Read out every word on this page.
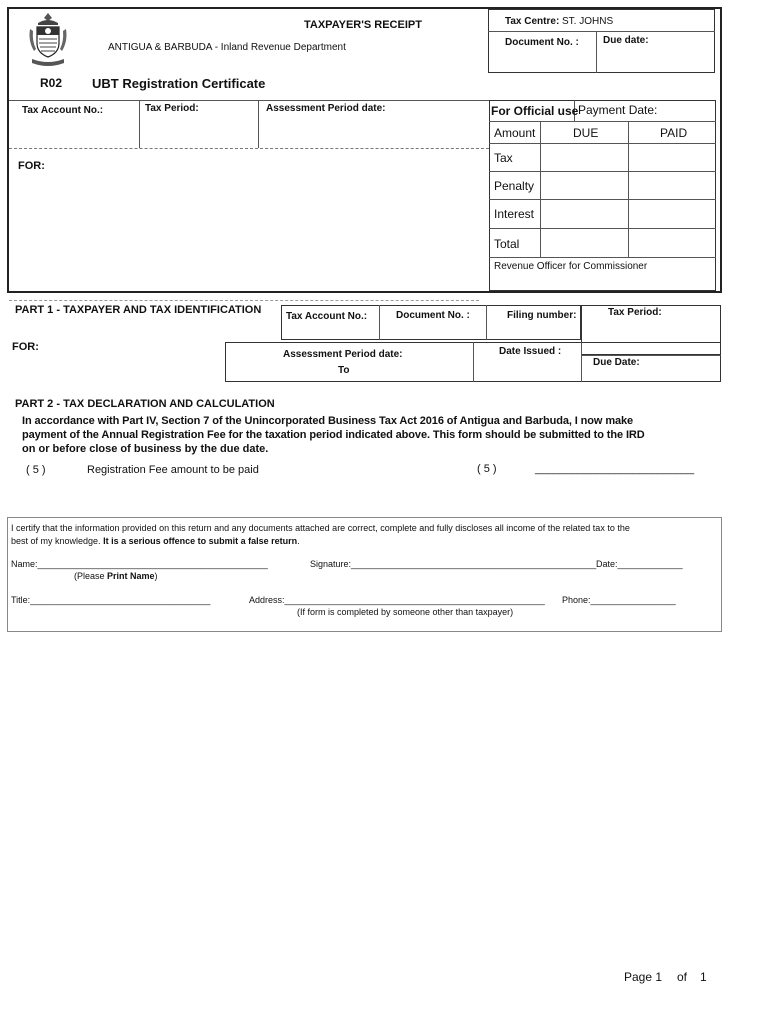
TAXPAYER'S RECEIPT
ANTIGUA & BARBUDA - Inland Revenue Department
Tax Centre: ST. JOHNS
Document No. : Due date:
R02 UBT Registration Certificate
Tax Account No.:	Tax Period:	Assessment Period date:
FOR:
For Official use Payment Date:
Amount	DUE	PAID
Tax
Penalty
Interest
Total
Revenue Officer for Commissioner
PART 1 - TAXPAYER AND TAX IDENTIFICATION
FOR:
Tax Account No.:	Document No. :	Filing number:	Tax Period:
Assessment Period date:
To
Date Issued :
Due Date:
PART 2 - TAX DECLARATION AND CALCULATION
In accordance with Part IV, Section 7 of the Unincorporated Business Tax Act 2016 of Antigua and Barbuda, I now make
payment of the Annual Registration Fee for the taxation period indicated above. This form should be submitted to the IRD
on or before close of business by the due date.
( 5 )	Registration Fee amount to be paid	( 5 )	__________________________
I certify that the information provided on this return and any documents attached are correct, complete and fully discloses all income of the related tax to the
best of my knowledge. It is a serious offence to submit a false return.
Name:______________________________________________	Signature:_________________________________________________ Date:_____________
(Please Print Name)
Title:____________________________________	Address:____________________________________________________ Phone:_________________
(If form is completed by someone other than taxpayer)
Page 1 of 1
